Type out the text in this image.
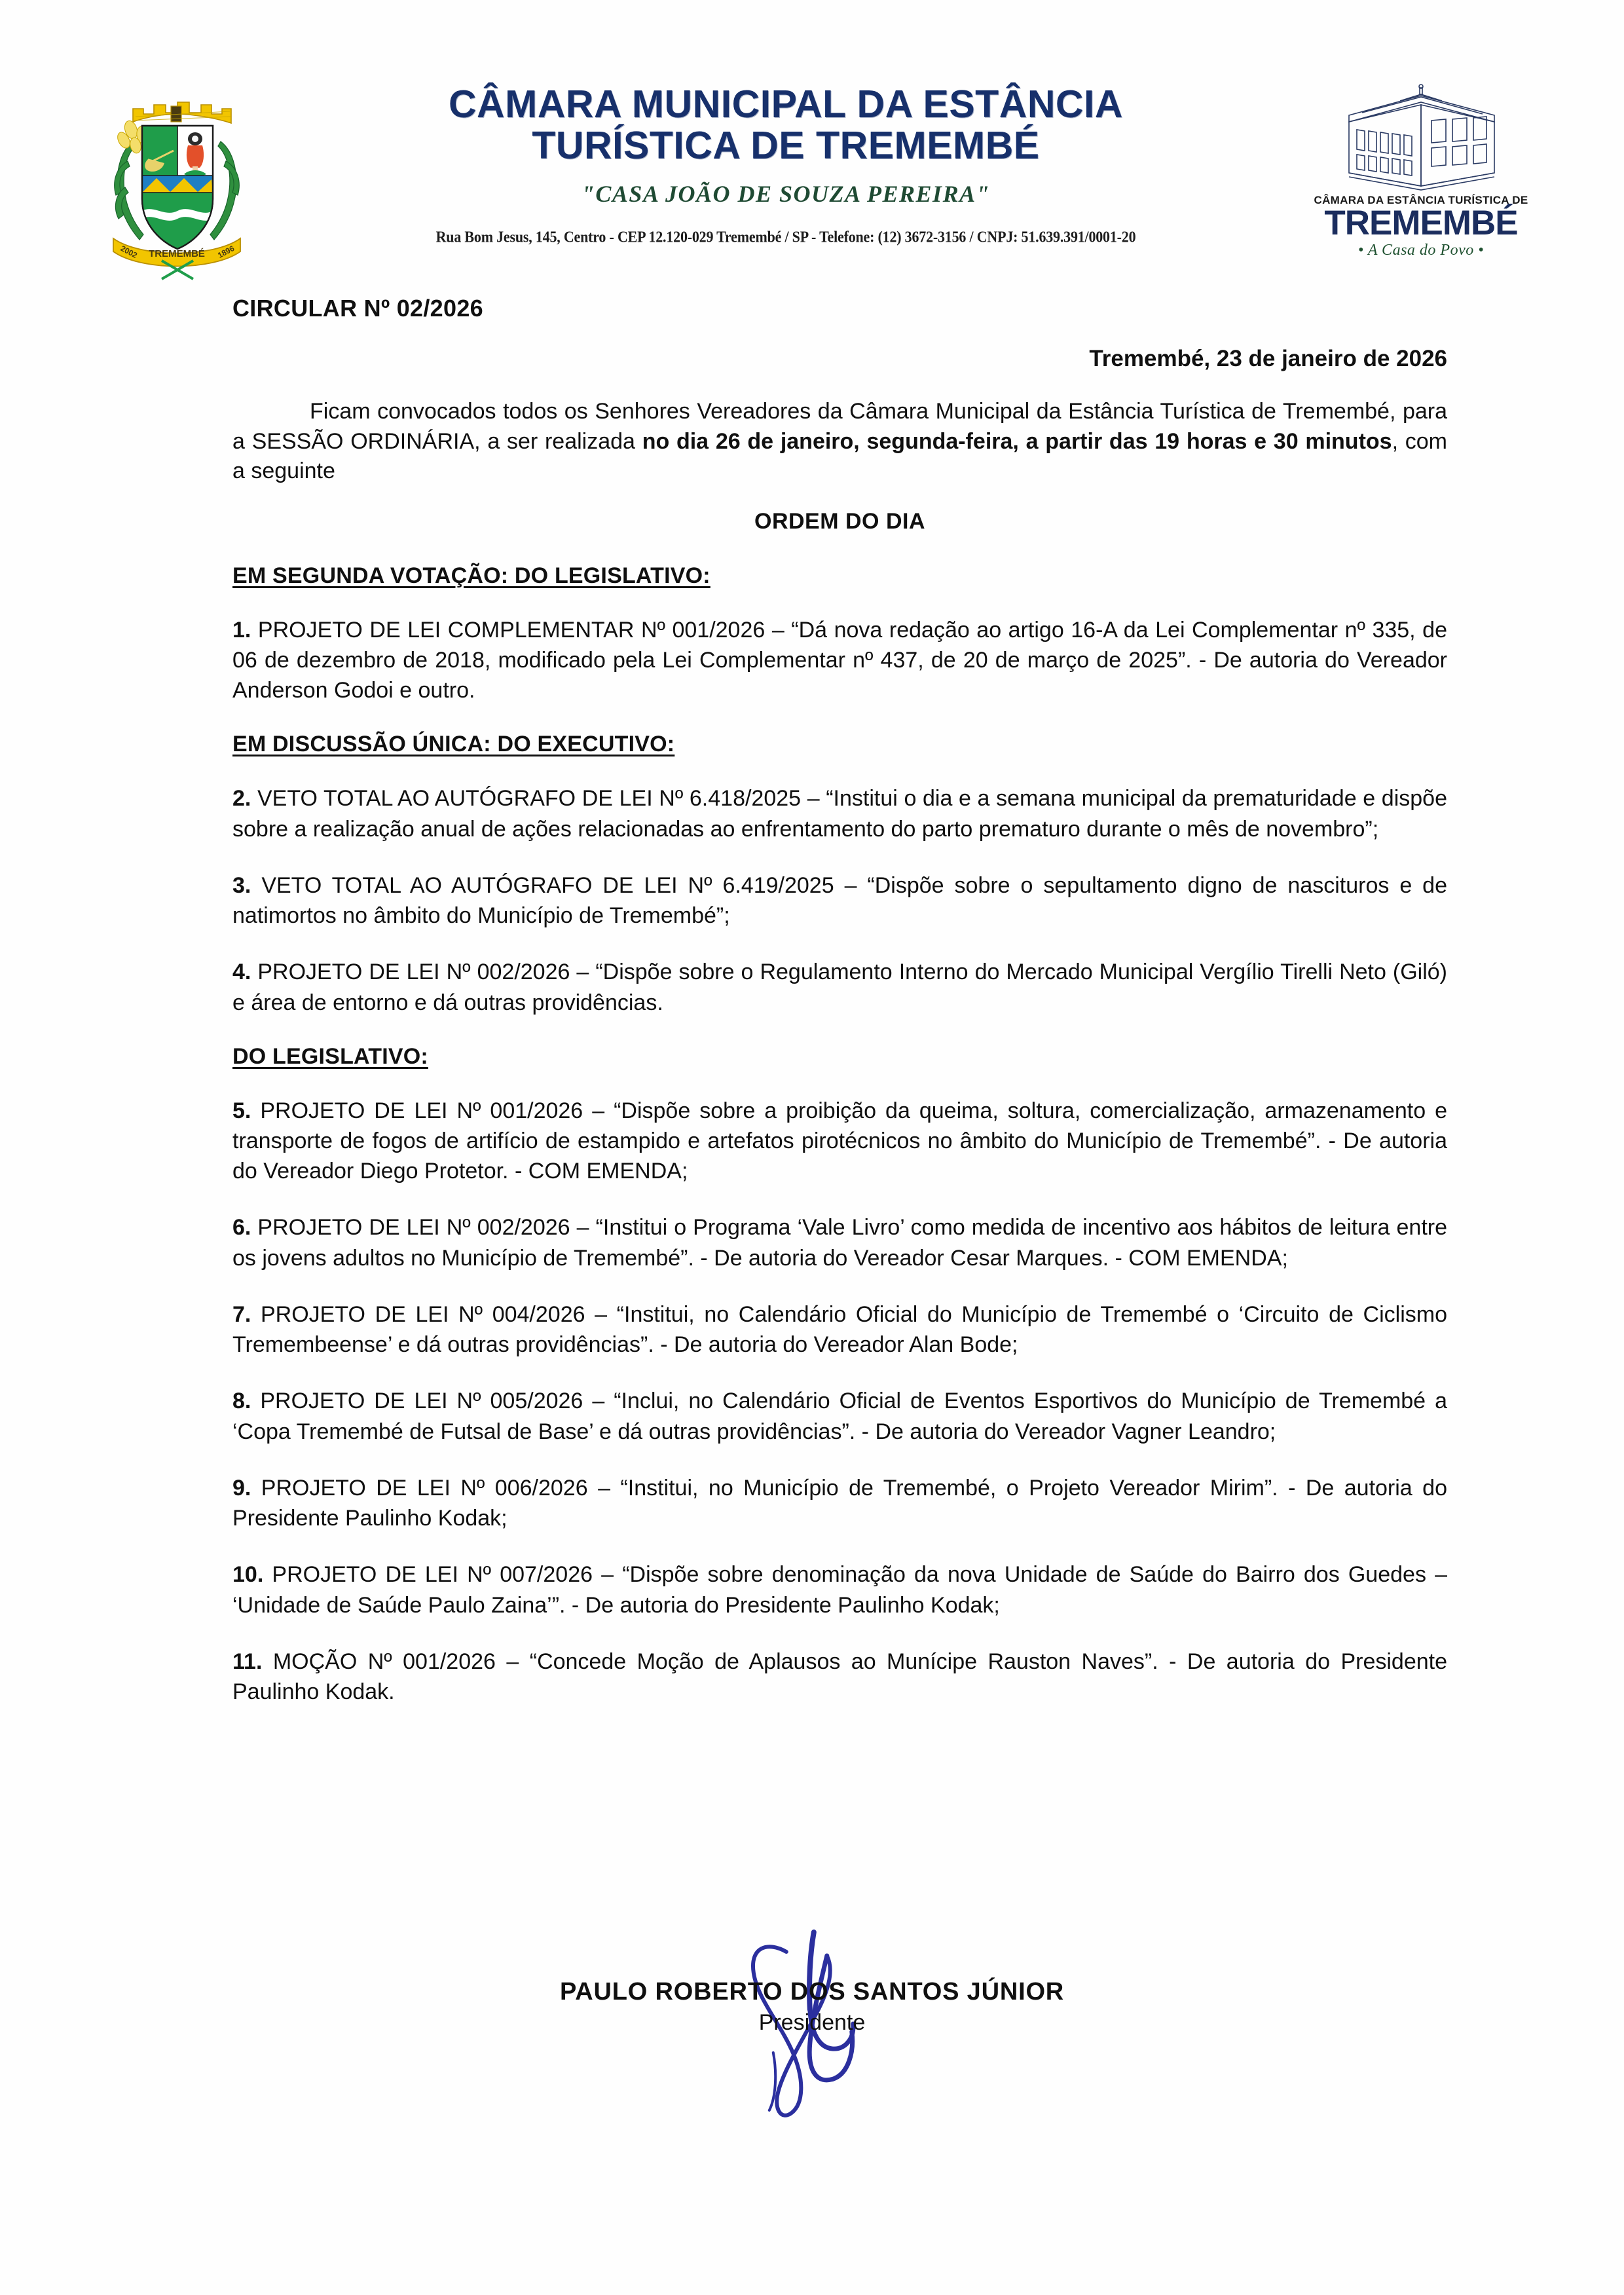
TREMEMBÉ
2002	1896
CÂMARA MUNICIPAL DA ESTÂNCIA
TURÍSTICA DE TREMEMBÉ
"CASA JOÃO DE SOUZA PEREIRA"
Rua Bom Jesus, 145, Centro - CEP 12.120-029 Tremembé / SP - Telefone: (12) 3672-3156 / CNPJ: 51.639.391/0001-20
CÂMARA DA ESTÂNCIA TURÍSTICA DE
TREMEMBÉ
• A Casa do Povo •
CIRCULAR Nº 02/2026
Tremembé, 23 de janeiro de 2026

Ficam convocados todos os Senhores Vereadores da Câmara Municipal da Estância Turística de Tremembé, para a SESSÃO ORDINÁRIA, a ser realizada no dia 26 de janeiro, segunda-feira, a partir das 19 horas e 30 minutos, com a seguinte

ORDEM DO DIA
EM SEGUNDA VOTAÇÃO: DO LEGISLATIVO:

1. PROJETO DE LEI COMPLEMENTAR Nº 001/2026 – “Dá nova redação ao artigo 16-A da Lei Complementar nº 335, de 06 de dezembro de 2018, modificado pela Lei Complementar nº 437, de 20 de março de 2025”. - De autoria do Vereador Anderson Godoi e outro.

EM DISCUSSÃO ÚNICA: DO EXECUTIVO:

2. VETO TOTAL AO AUTÓGRAFO DE LEI Nº 6.418/2025 – “Institui o dia e a semana municipal da prematuridade e dispõe sobre a realização anual de ações relacionadas ao enfrentamento do parto prematuro durante o mês de novembro”;

3. VETO TOTAL AO AUTÓGRAFO DE LEI Nº 6.419/2025 – “Dispõe sobre o sepultamento digno de nascituros e de natimortos no âmbito do Município de Tremembé”;

4. PROJETO DE LEI Nº 002/2026 – “Dispõe sobre o Regulamento Interno do Mercado Municipal Vergílio Tirelli Neto (Giló) e área de entorno e dá outras providências.

DO LEGISLATIVO:

5. PROJETO DE LEI Nº 001/2026 – “Dispõe sobre a proibição da queima, soltura, comercialização, armazenamento e transporte de fogos de artifício de estampido e artefatos pirotécnicos no âmbito do Município de Tremembé”. - De autoria do Vereador Diego Protetor. - COM EMENDA;

6. PROJETO DE LEI Nº 002/2026 – “Institui o Programa ‘Vale Livro’ como medida de incentivo aos hábitos de leitura entre os jovens adultos no Município de Tremembé”. - De autoria do Vereador Cesar Marques. - COM EMENDA;

7. PROJETO DE LEI Nº 004/2026 – “Institui, no Calendário Oficial do Município de Tremembé o ‘Circuito de Ciclismo Tremembeense’ e dá outras providências”. - De autoria do Vereador Alan Bode;

8. PROJETO DE LEI Nº 005/2026 – “Inclui, no Calendário Oficial de Eventos Esportivos do Município de Tremembé a ‘Copa Tremembé de Futsal de Base’ e dá outras providências”. - De autoria do Vereador Vagner Leandro;

9. PROJETO DE LEI Nº 006/2026 – “Institui, no Município de Tremembé, o Projeto Vereador Mirim”. - De autoria do Presidente Paulinho Kodak;

10. PROJETO DE LEI Nº 007/2026 – “Dispõe sobre denominação da nova Unidade de Saúde do Bairro dos Guedes – ‘Unidade de Saúde Paulo Zaina’”. - De autoria do Presidente Paulinho Kodak;

11. MOÇÃO Nº 001/2026 – “Concede Moção de Aplausos ao Munícipe Rauston Naves”. - De autoria do Presidente Paulinho Kodak.

PAULO ROBERTO DOS SANTOS JÚNIOR
Presidente
